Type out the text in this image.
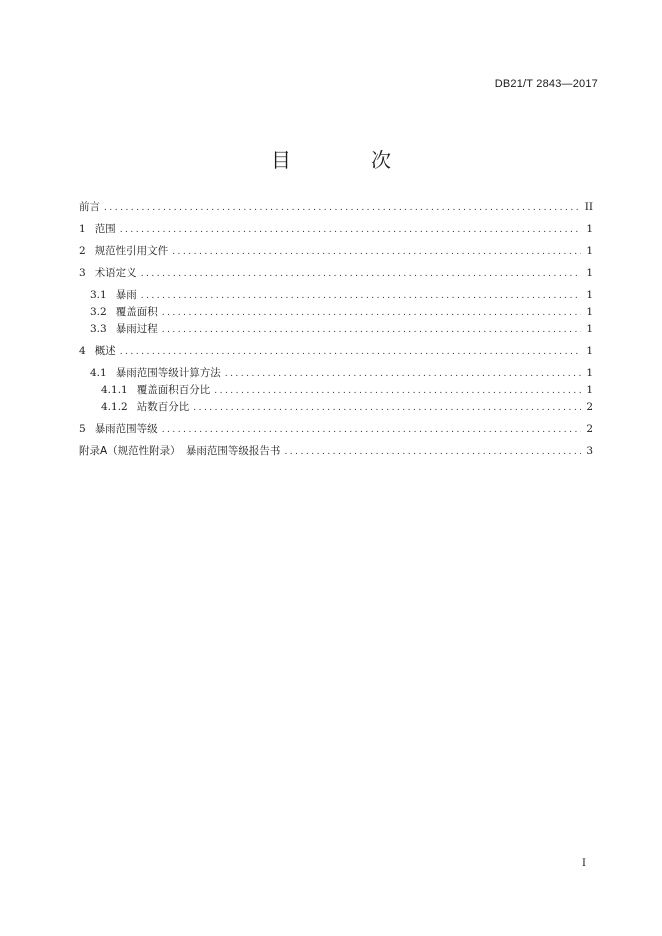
DB21/T 2843—2017
目　次
前言 .....	II
1 范围 .....	1
2 规范性引用文件 .....	1
3 术语定义 .....	1
3.1 暴雨 .....	1
3.2 覆盖面积 .....	1
3.3 暴雨过程 .....	1
4 概述 .....	1
4.1 暴雨范围等级计算方法 .....	1
4.1.1 覆盖面积百分比 .....	1
4.1.2 站数百分比 .....	2
5 暴雨范围等级 .....	2
附录A（规范性附录）　暴雨范围等级报告书 .....	3
I
